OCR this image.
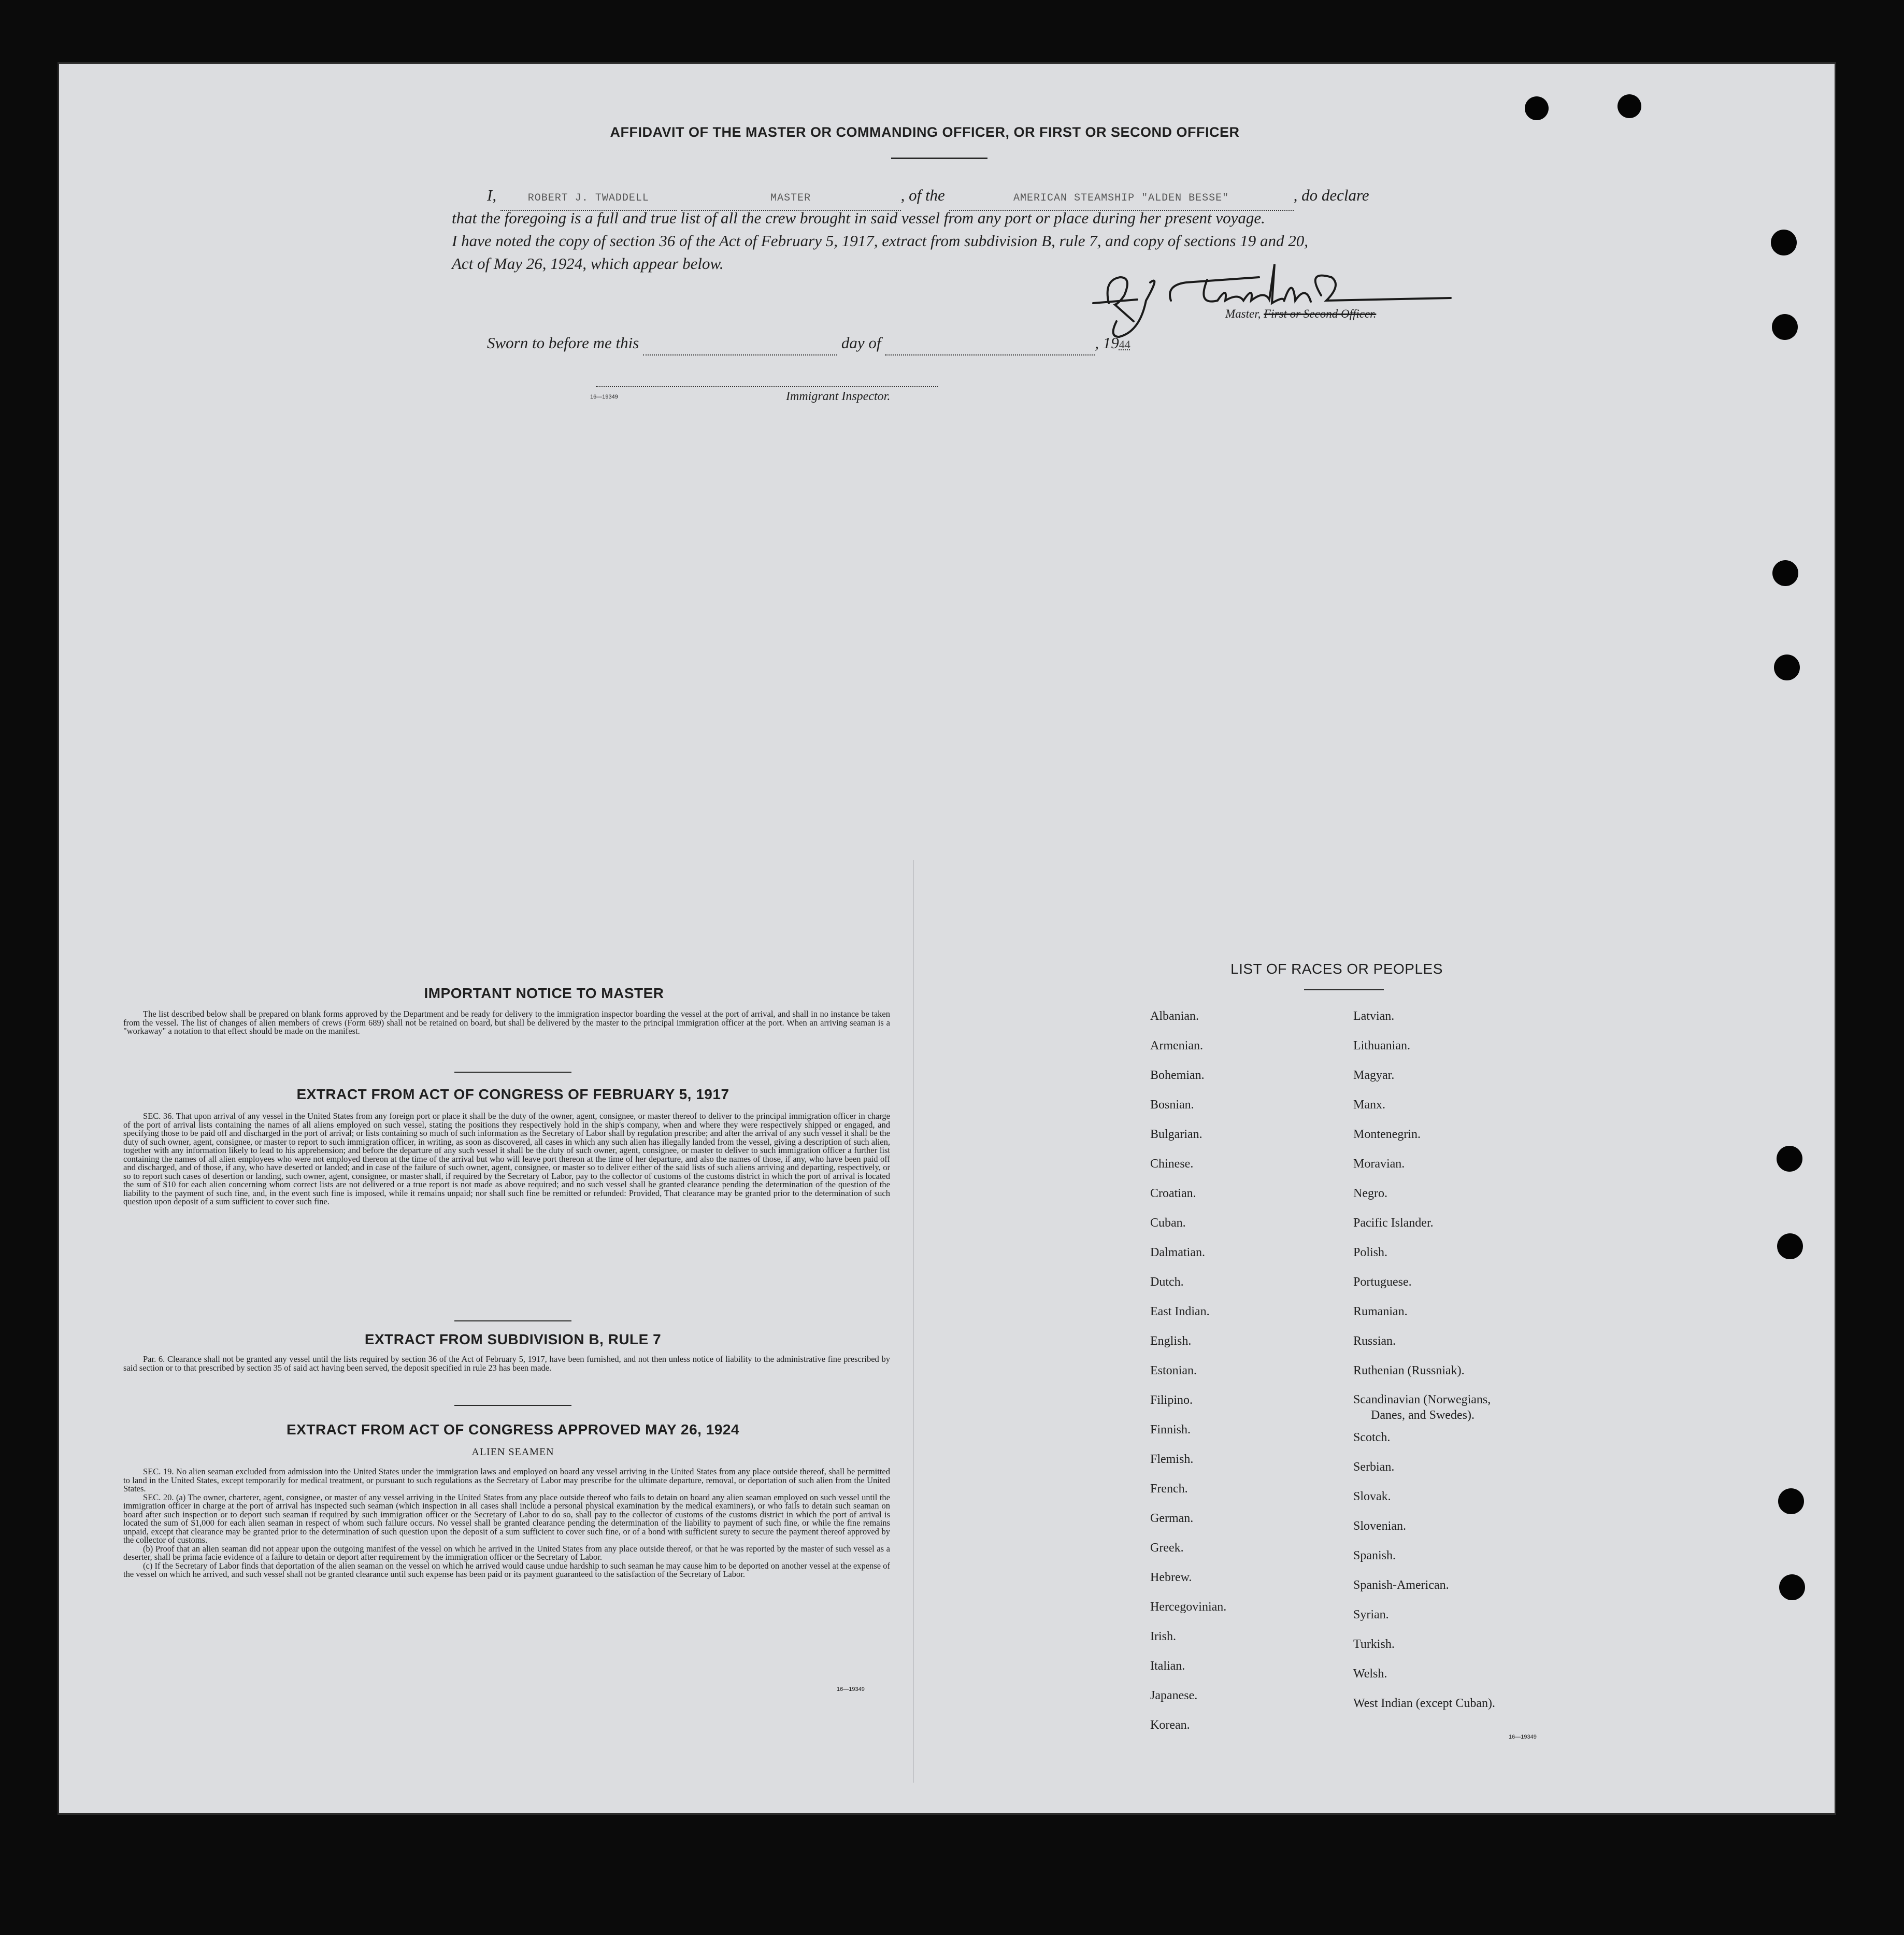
AFFIDAVIT OF THE MASTER OR COMMANDING OFFICER, OR FIRST OR SECOND OFFICER
I,	ROBERT J. TWADDELL	MASTER	, of the	AMERICAN STEAMSHIP "ALDEN BESSE"	, do declare
that the foregoing is a full and true list of all the crew brought in said vessel from any port or place during her present voyage.
I have noted the copy of section 36 of the Act of February 5, 1917, extract from subdivision B, rule 7, and copy of sections 19 and 20,
Act of May 26, 1924, which appear below.
Master, First or Second Officer.
Sworn to before me this	day of	, 1944
16—19349	Immigrant Inspector.
IMPORTANT NOTICE TO MASTER

The list described below shall be prepared on blank forms approved by the Department and be ready for delivery to the immigration inspector boarding the vessel at the port of arrival, and shall in no instance be taken from the vessel. The list of changes of alien members of crews (Form 689) shall not be retained on board, but shall be delivered by the master to the principal immigration officer at the port. When an arriving seaman is a "workaway" a notation to that effect should be made on the manifest.

EXTRACT FROM ACT OF CONGRESS OF FEBRUARY 5, 1917

SEC. 36. That upon arrival of any vessel in the United States from any foreign port or place it shall be the duty of the owner, agent, consignee, or master thereof to deliver to the principal immigration officer in charge of the port of arrival lists containing the names of all aliens employed on such vessel, stating the positions they respectively hold in the ship's company, when and where they were respectively shipped or engaged, and specifying those to be paid off and discharged in the port of arrival; or lists containing so much of such information as the Secretary of Labor shall by regulation prescribe; and after the arrival of any such vessel it shall be the duty of such owner, agent, consignee, or master to report to such immigration officer, in writing, as soon as discovered, all cases in which any such alien has illegally landed from the vessel, giving a description of such alien, together with any information likely to lead to his apprehension; and before the departure of any such vessel it shall be the duty of such owner, agent, consignee, or master to deliver to such immigration officer a further list containing the names of all alien employees who were not employed thereon at the time of the arrival but who will leave port thereon at the time of her departure, and also the names of those, if any, who have been paid off and discharged, and of those, if any, who have deserted or landed; and in case of the failure of such owner, agent, consignee, or master so to deliver either of the said lists of such aliens arriving and departing, respectively, or so to report such cases of desertion or landing, such owner, agent, consignee, or master shall, if required by the Secretary of Labor, pay to the collector of customs of the customs district in which the port of arrival is located the sum of $10 for each alien concerning whom correct lists are not delivered or a true report is not made as above required; and no such vessel shall be granted clearance pending the determination of the question of the liability to the payment of such fine, and, in the event such fine is imposed, while it remains unpaid; nor shall such fine be remitted or refunded: Provided, That clearance may be granted prior to the determination of such question upon deposit of a sum sufficient to cover such fine.

EXTRACT FROM SUBDIVISION B, RULE 7

Par. 6. Clearance shall not be granted any vessel until the lists required by section 36 of the Act of February 5, 1917, have been furnished, and not then unless notice of liability to the administrative fine prescribed by said section or to that prescribed by section 35 of said act having been served, the deposit specified in rule 23 has been made.

EXTRACT FROM ACT OF CONGRESS APPROVED MAY 26, 1924
ALIEN SEAMEN

SEC. 19. No alien seaman excluded from admission into the United States under the immigration laws and employed on board any vessel arriving in the United States from any place outside thereof, shall be permitted to land in the United States, except temporarily for medical treatment, or pursuant to such regulations as the Secretary of Labor may prescribe for the ultimate departure, removal, or deportation of such alien from the United States.

SEC. 20. (a) The owner, charterer, agent, consignee, or master of any vessel arriving in the United States from any place outside thereof who fails to detain on board any alien seaman employed on such vessel until the immigration officer in charge at the port of arrival has inspected such seaman (which inspection in all cases shall include a personal physical examination by the medical examiners), or who fails to detain such seaman on board after such inspection or to deport such seaman if required by such immigration officer or the Secretary of Labor to do so, shall pay to the collector of customs of the customs district in which the port of arrival is located the sum of $1,000 for each alien seaman in respect of whom such failure occurs. No vessel shall be granted clearance pending the determination of the liability to payment of such fine, or while the fine remains unpaid, except that clearance may be granted prior to the determination of such question upon the deposit of a sum sufficient to cover such fine, or of a bond with sufficient surety to secure the payment thereof approved by the collector of customs.

(b) Proof that an alien seaman did not appear upon the outgoing manifest of the vessel on which he arrived in the United States from any place outside thereof, or that he was reported by the master of such vessel as a deserter, shall be prima facie evidence of a failure to detain or deport after requirement by the immigration officer or the Secretary of Labor.

(c) If the Secretary of Labor finds that deportation of the alien seaman on the vessel on which he arrived would cause undue hardship to such seaman he may cause him to be deported on another vessel at the expense of the vessel on which he arrived, and such vessel shall not be granted clearance until such expense has been paid or its payment guaranteed to the satisfaction of the Secretary of Labor.

16—19349
LIST OF RACES OR PEOPLES
Albanian.
Armenian.
Bohemian.
Bosnian.
Bulgarian.
Chinese.
Croatian.
Cuban.
Dalmatian.
Dutch.
East Indian.
English.
Estonian.
Filipino.
Finnish.
Flemish.
French.
German.
Greek.
Hebrew.
Hercegovinian.
Irish.
Italian.
Japanese.
Korean.
Latvian.
Lithuanian.
Magyar.
Manx.
Montenegrin.
Moravian.
Negro.
Pacific Islander.
Polish.
Portuguese.
Rumanian.
Russian.
Ruthenian (Russniak).
Scandinavian (Norwegians,
Danes, and Swedes).
Scotch.
Serbian.
Slovak.
Slovenian.
Spanish.
Spanish-American.
Syrian.
Turkish.
Welsh.
West Indian (except Cuban).
16—19349
